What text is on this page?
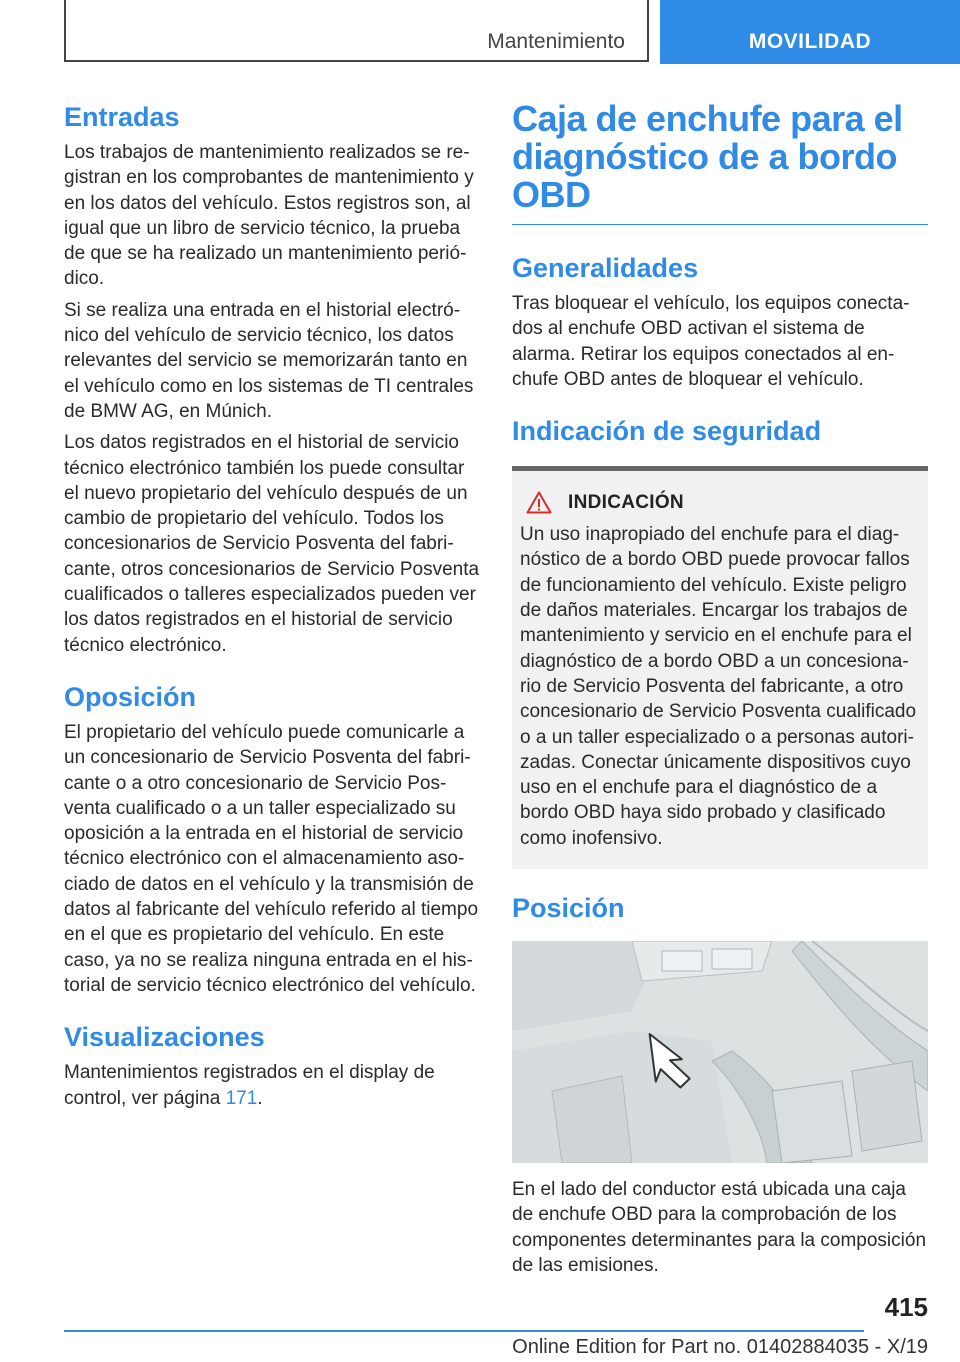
Mantenimiento	MOVILIDAD
Entradas

Los trabajos de mantenimiento realizados se registran en los comprobantes de mantenimiento y en los datos del vehículo. Estos registros son, al igual que un libro de servicio técnico, la prueba de que se ha realizado un mantenimiento periódico.

Si se realiza una entrada en el historial electrónico del vehículo de servicio técnico, los datos relevantes del servicio se memorizarán tanto en el vehículo como en los sistemas de TI centrales de BMW AG, en Múnich.

Los datos registrados en el historial de servicio técnico electrónico también los puede consultar el nuevo propietario del vehículo después de un cambio de propietario del vehículo. Todos los concesionarios de Servicio Posventa del fabricante, otros concesionarios de Servicio Posventa cualificados o talleres especializados pueden ver los datos registrados en el historial de servicio técnico electrónico.

Oposición

El propietario del vehículo puede comunicarle a un concesionario de Servicio Posventa del fabricante o a otro concesionario de Servicio Posventa cualificado o a un taller especializado su oposición a la entrada en el historial de servicio técnico electrónico con el almacenamiento asociado de datos en el vehículo y la transmisión de datos al fabricante del vehículo referido al tiempo en el que es propietario del vehículo. En este caso, ya no se realiza ninguna entrada en el historial de servicio técnico electrónico del vehículo.

Visualizaciones

Mantenimientos registrados en el display de control, ver página 171.

Caja de enchufe para el diagnóstico de a bordo OBD
Generalidades

Tras bloquear el vehículo, los equipos conectados al enchufe OBD activan el sistema de alarma. Retirar los equipos conectados al enchufe OBD antes de bloquear el vehículo.

Indicación de seguridad
INDICACIÓN

Un uso inapropiado del enchufe para el diagnóstico de a bordo OBD puede provocar fallos de funcionamiento del vehículo. Existe peligro de daños materiales. Encargar los trabajos de mantenimiento y servicio en el enchufe para el diagnóstico de a bordo OBD a un concesionario de Servicio Posventa del fabricante, a otro concesionario de Servicio Posventa cualificado o a un taller especializado o a personas autorizadas. Conectar únicamente dispositivos cuyo uso en el enchufe para el diagnóstico de a bordo OBD haya sido probado y clasificado como inofensivo.

Posición

En el lado del conductor está ubicada una caja de enchufe OBD para la comprobación de los componentes determinantes para la composición de las emisiones.

415
Online Edition for Part no. 01402884035 - X/19
